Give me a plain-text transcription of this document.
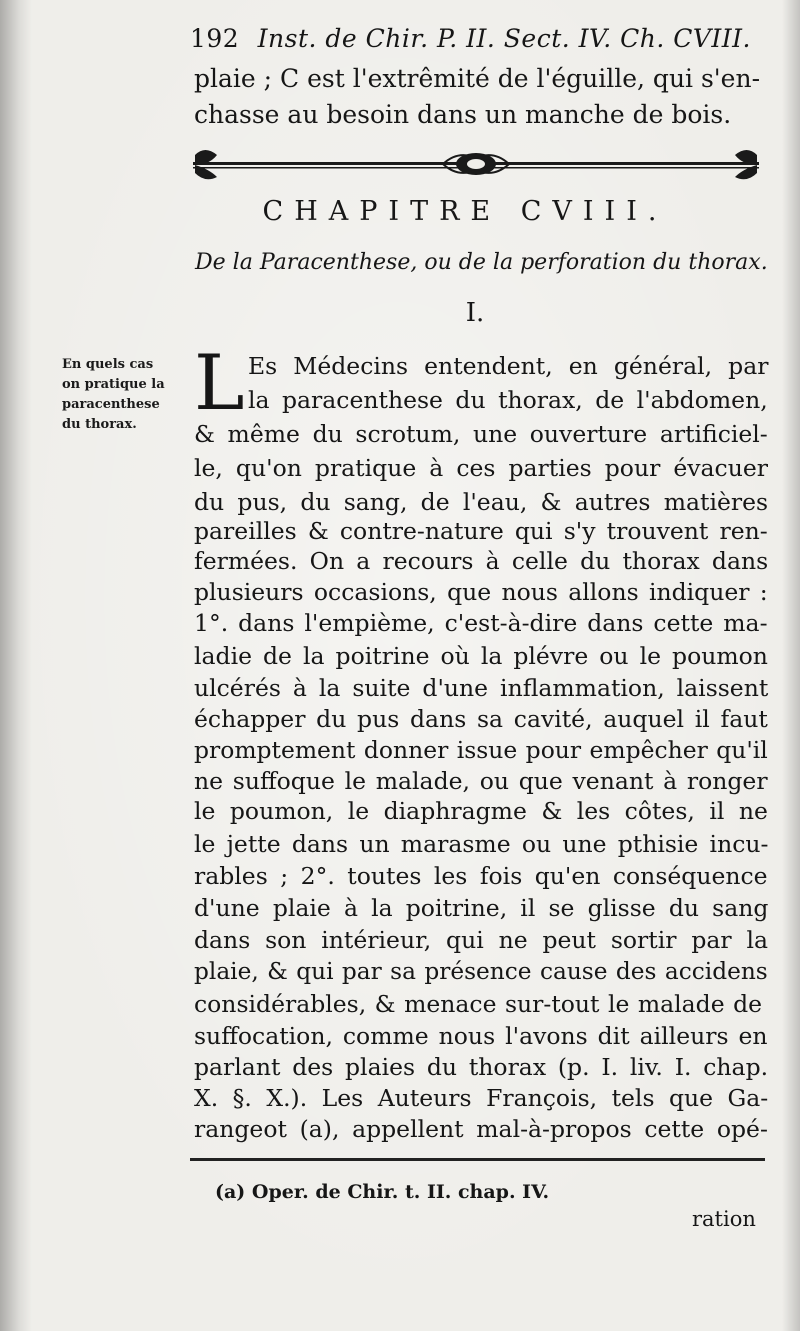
192 Inst. de Chir. P. II. Sect. IV. Ch. CVIII.
plaie ; C est l'extrêmité de l'éguille, qui s'en-
chasse au besoin dans un manche de bois.
CHAPITRE CVIII.
De la Paracenthese, ou de la perforation du thorax.
I.
En quels cas
on pratique la
paracenthese
du thorax. L Es Médecins entendent, en général, par
la paracenthese du thorax, de l'abdomen,
& même du scrotum, une ouverture artificiel-
le, qu'on pratique à ces parties pour évacuer
du pus, du sang, de l'eau, & autres matières
pareilles & contre-nature qui s'y trouvent ren-
fermées. On a recours à celle du thorax dans
plusieurs occasions, que nous allons indiquer :
1°. dans l'empième, c'est-à-dire dans cette ma-
ladie de la poitrine où la plévre ou le poumon
ulcérés à la suite d'une inflammation, laissent
échapper du pus dans sa cavité, auquel il faut
promptement donner issue pour empêcher qu'il
ne suffoque le malade, ou que venant à ronger
le poumon, le diaphragme & les côtes, il ne
le jette dans un marasme ou une pthisie incu-
rables ; 2°. toutes les fois qu'en conséquence
d'une plaie à la poitrine, il se glisse du sang
dans son intérieur, qui ne peut sortir par la
plaie, & qui par sa présence cause des accidens
considérables, & menace sur-tout le malade de
suffocation, comme nous l'avons dit ailleurs en
parlant des plaies du thorax (p. I. liv. I. chap.
X. §. X.). Les Auteurs François, tels que Ga-
rangeot (a), appellent mal-à-propos cette opé-
(a) Oper. de Chir. t. II. chap. IV.
ration
